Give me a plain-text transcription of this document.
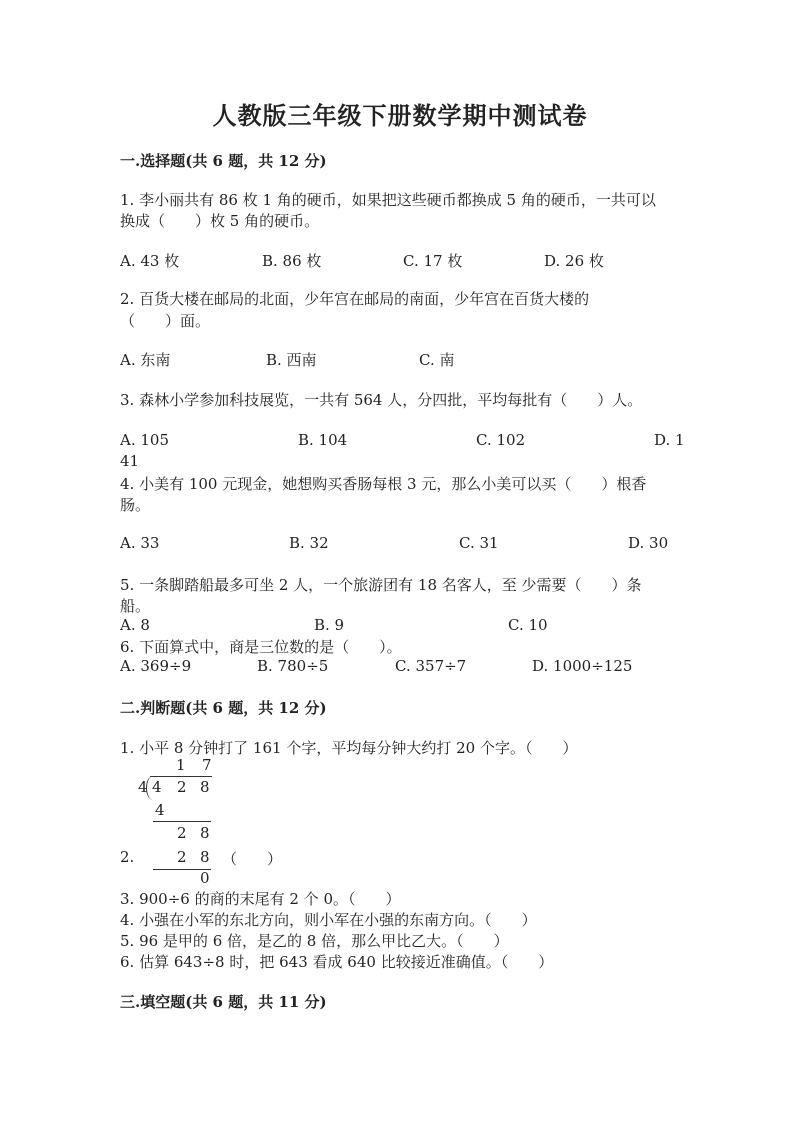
人教版三年级下册数学期中测试卷
一.选择题(共 6 题，共 12 分)
1. 李小丽共有 86 枚 1 角的硬币，如果把这些硬币都换成 5 角的硬币，一共可以
换成（　　）枚 5 角的硬币。
A. 43 枚	B. 86 枚	C. 17 枚	D. 26 枚
2. 百货大楼在邮局的北面，少年宫在邮局的南面，少年宫在百货大楼的
（　　）面。
A. 东南	B. 西南	C. 南
3. 森林小学参加科技展览，一共有 564 人，分四批，平均每批有（　　）人。
A. 105	B. 104	C. 102	D. 1
41
4. 小美有 100 元现金，她想购买香肠每根 3 元，那么小美可以买（　　）根香
肠。
A. 33	B. 32	C. 31	D. 30
5. 一条脚踏船最多可坐 2 人，一个旅游团有 18 名客人，至 少需要（　　）条
船。
A. 8	B. 9	C. 10
6. 下面算式中，商是三位数的是（　　）。
A. 369÷9	B. 780÷5	C. 357÷7	D. 1000÷125
二.判断题(共 6 题，共 12 分)
1. 小平 8 分钟打了 161 个字，平均每分钟大约打 20 个字。（　　）
1 7
4 4 2 8
4
2 8
2 8
0
2.	（　　）
3. 900÷6 的商的末尾有 2 个 0。（　　）
4. 小强在小军的东北方向，则小军在小强的东南方向。（　　）
5. 96 是甲的 6 倍，是乙的 8 倍，那么甲比乙大。（　　）
6. 估算 643÷8 时，把 643 看成 640 比较接近准确值。（　　）
三.填空题(共 6 题，共 11 分)
